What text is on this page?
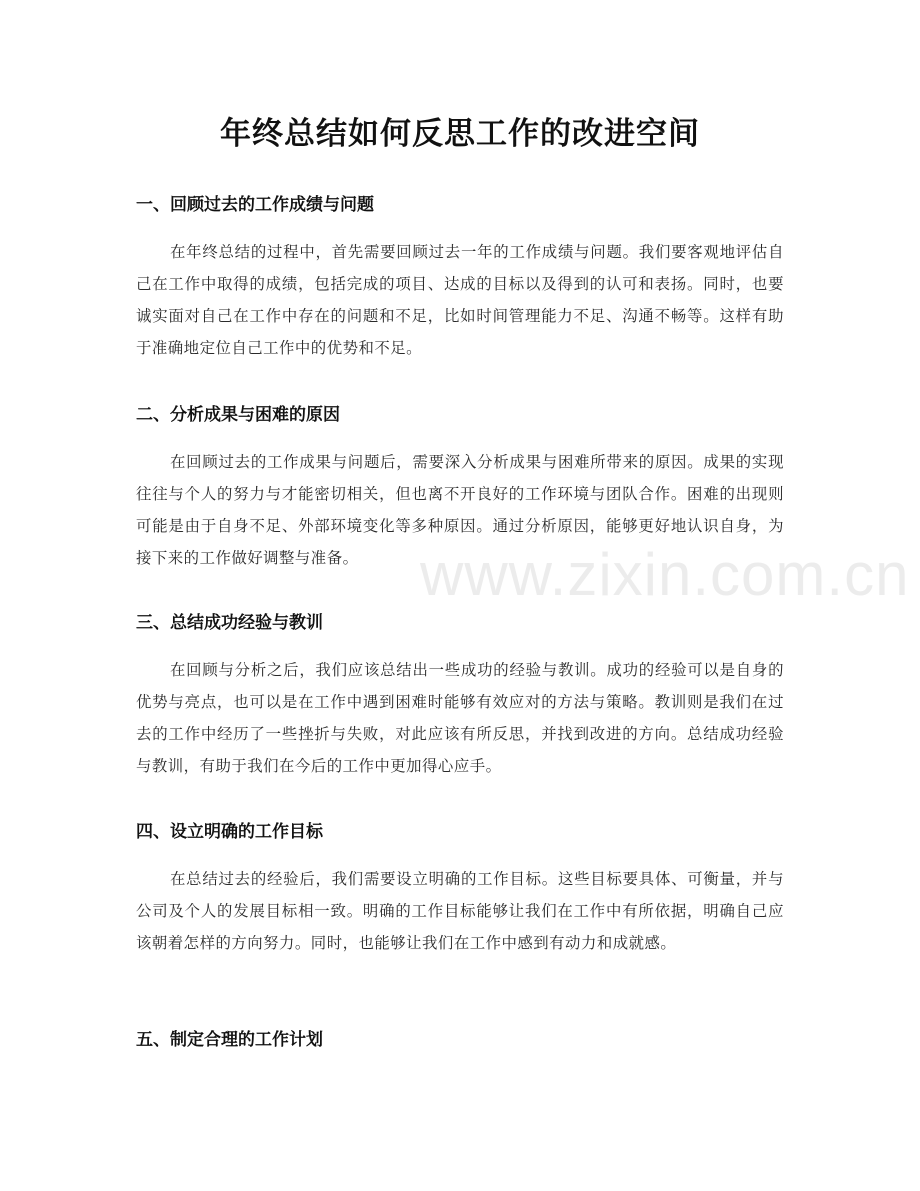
年终总结如何反思工作的改进空间
一、回顾过去的工作成绩与问题
在年终总结的过程中，首先需要回顾过去一年的工作成绩与问题。我们要客观地评估自己在工作中取得的成绩，包括完成的项目、达成的目标以及得到的认可和表扬。同时，也要诚实面对自己在工作中存在的问题和不足，比如时间管理能力不足、沟通不畅等。这样有助于准确地定位自己工作中的优势和不足。
二、分析成果与困难的原因
在回顾过去的工作成果与问题后，需要深入分析成果与困难所带来的原因。成果的实现往往与个人的努力与才能密切相关，但也离不开良好的工作环境与团队合作。困难的出现则可能是由于自身不足、外部环境变化等多种原因。通过分析原因，能够更好地认识自身，为接下来的工作做好调整与准备。
三、总结成功经验与教训
在回顾与分析之后，我们应该总结出一些成功的经验与教训。成功的经验可以是自身的优势与亮点，也可以是在工作中遇到困难时能够有效应对的方法与策略。教训则是我们在过去的工作中经历了一些挫折与失败，对此应该有所反思，并找到改进的方向。总结成功经验与教训，有助于我们在今后的工作中更加得心应手。
四、设立明确的工作目标
在总结过去的经验后，我们需要设立明确的工作目标。这些目标要具体、可衡量，并与公司及个人的发展目标相一致。明确的工作目标能够让我们在工作中有所依据，明确自己应该朝着怎样的方向努力。同时，也能够让我们在工作中感到有动力和成就感。
五、制定合理的工作计划
www.zixin.com.cn
